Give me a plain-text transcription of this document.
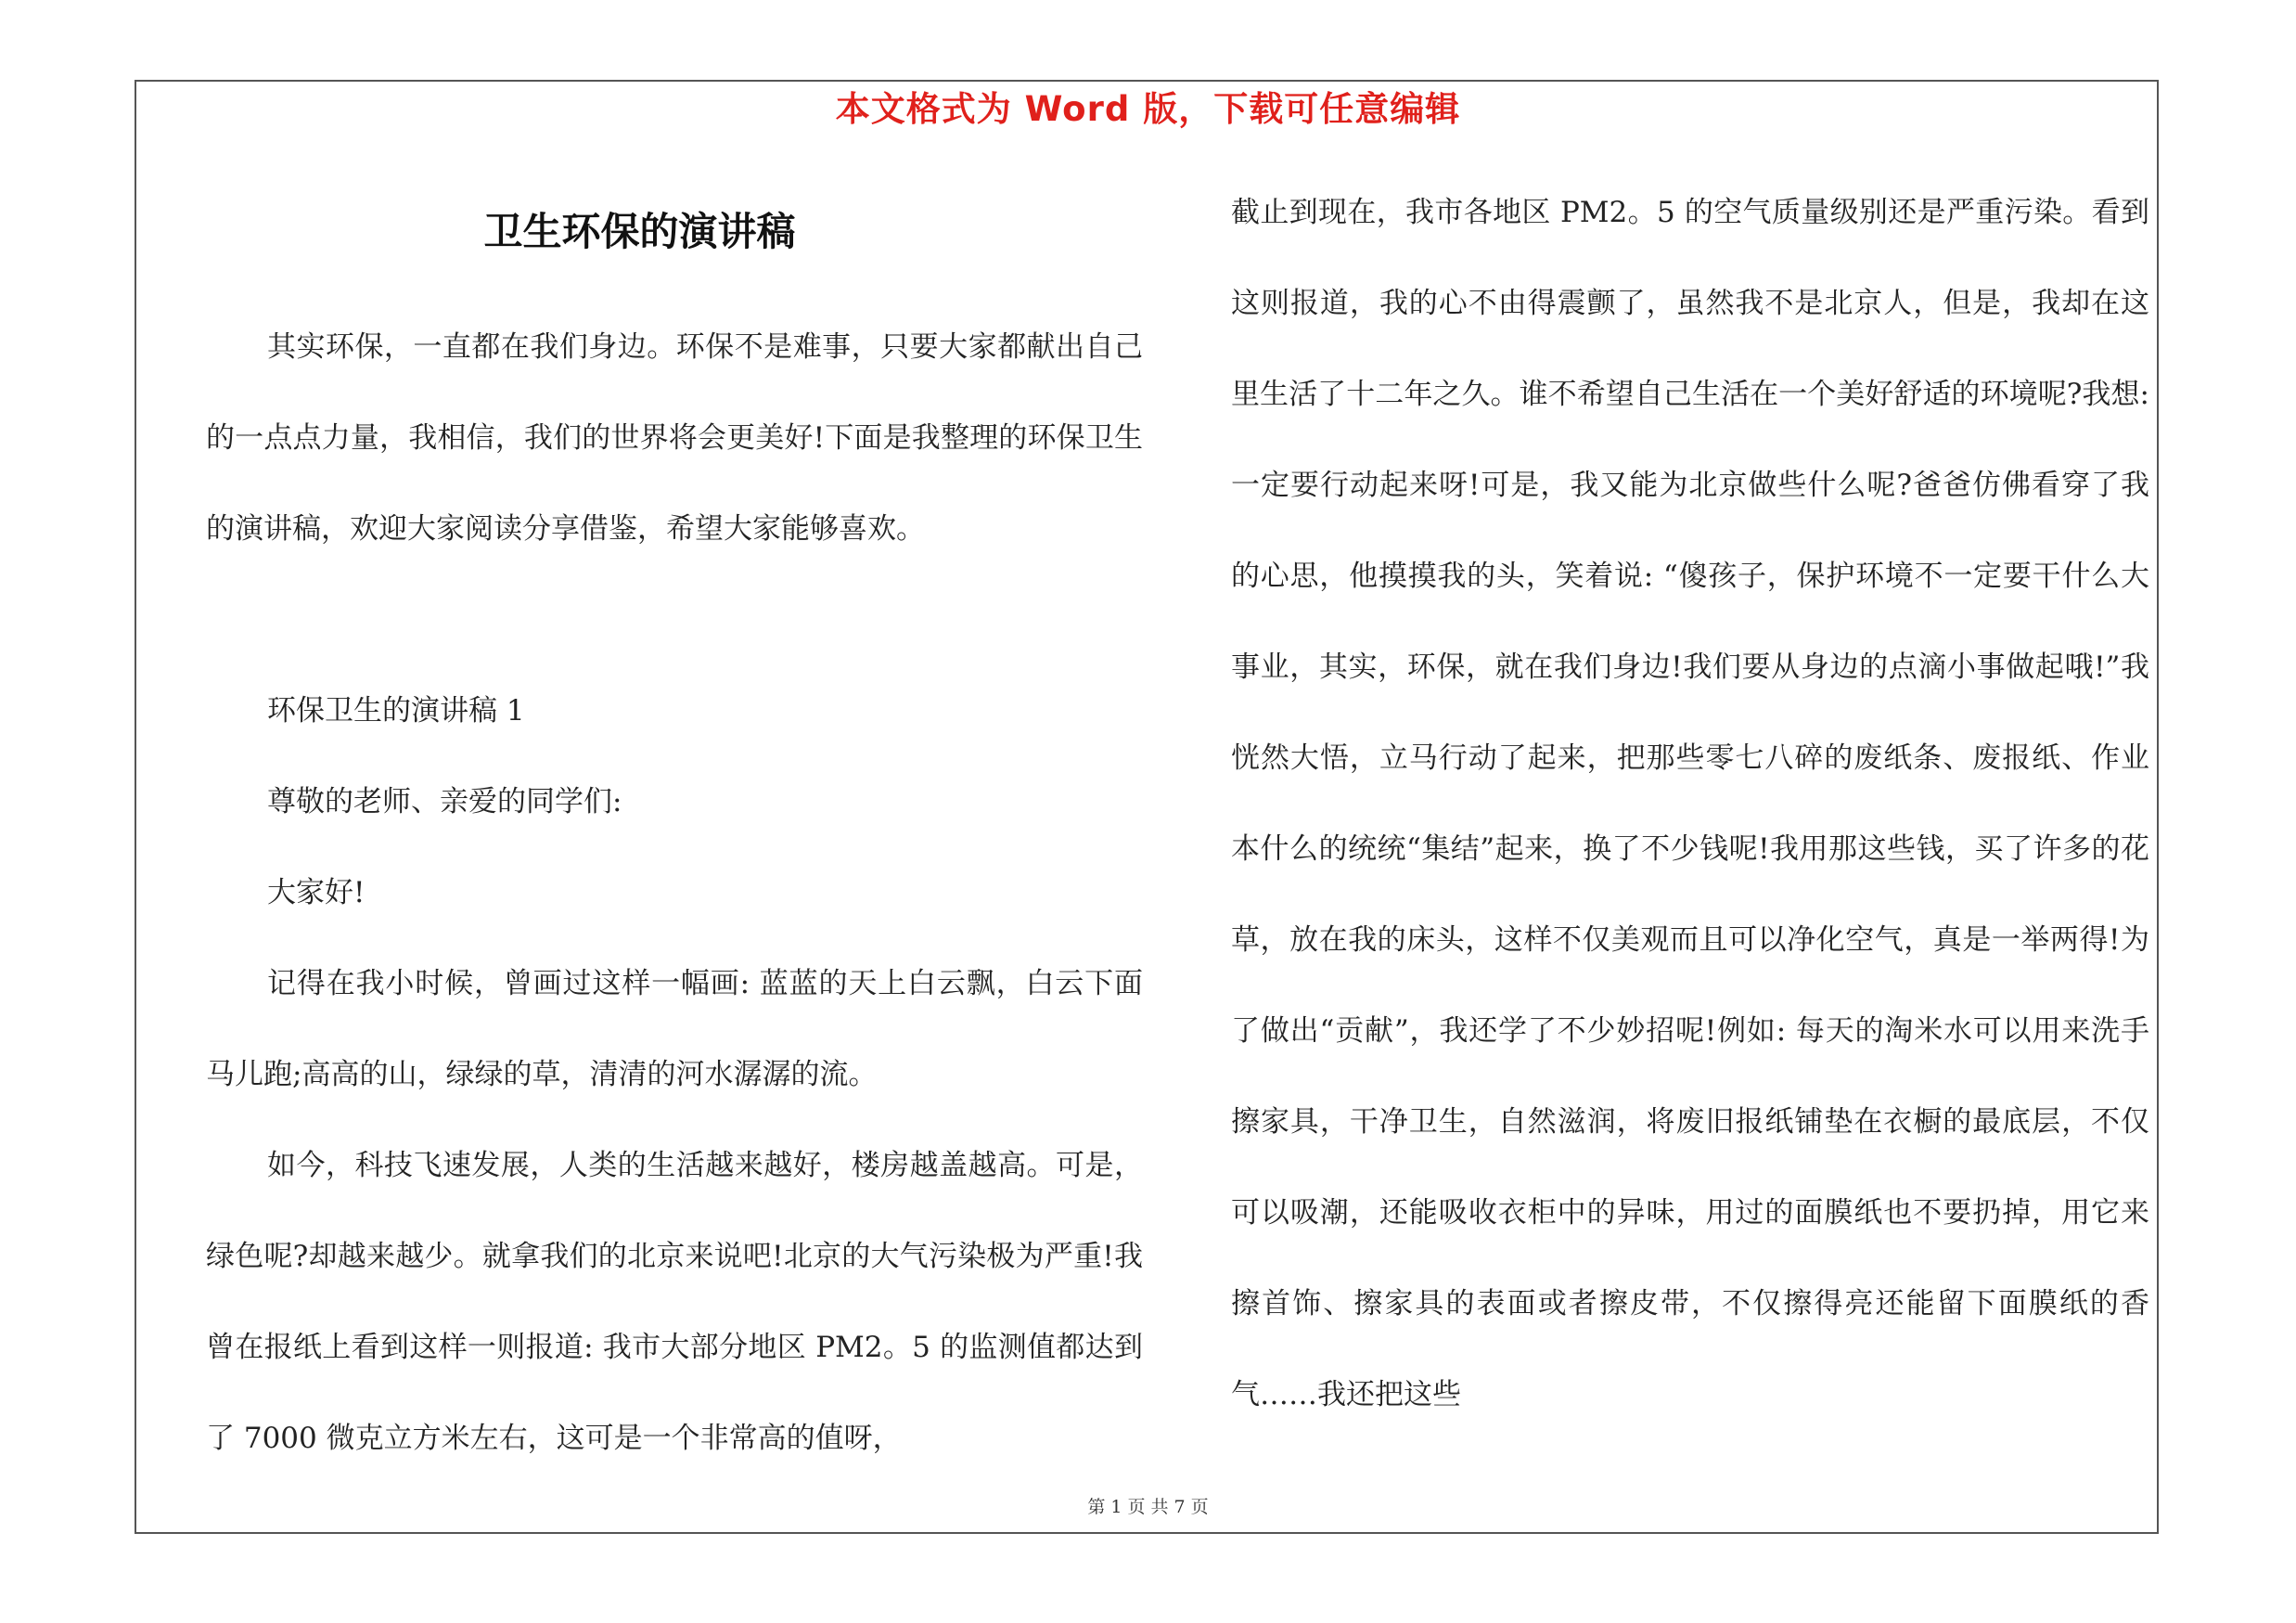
本文格式为 Word 版，下载可任意编辑
卫生环保的演讲稿

其实环保，一直都在我们身边。环保不是难事，只要大家都献出自己的一点点力量，我相信，我们的世界将会更美好!下面是我整理的环保卫生的演讲稿，欢迎大家阅读分享借鉴，希望大家能够喜欢。

环保卫生的演讲稿 1

尊敬的老师、亲爱的同学们:

大家好!

记得在我小时候，曾画过这样一幅画: 蓝蓝的天上白云飘，白云下面马儿跑;高高的山，绿绿的草，清清的河水潺潺的流。

如今，科技飞速发展，人类的生活越来越好，楼房越盖越高。可是，绿色呢?却越来越少。就拿我们的北京来说吧!北京的大气污染极为严重!我曾在报纸上看到这样一则报道: 我市大部分地区 PM2。5 的监测值都达到了 7000 微克立方米左右，这可是一个非常高的值呀，

截止到现在，我市各地区 PM2。5 的空气质量级别还是严重污染。看到这则报道，我的心不由得震颤了，虽然我不是北京人，但是，我却在这里生活了十二年之久。谁不希望自己生活在一个美好舒适的环境呢?我想: 一定要行动起来呀!可是，我又能为北京做些什么呢?爸爸仿佛看穿了我的心思，他摸摸我的头，笑着说: “傻孩子，保护环境不一定要干什么大事业，其实，环保，就在我们身边!我们要从身边的点滴小事做起哦!”我恍然大悟，立马行动了起来，把那些零七八碎的废纸条、废报纸、作业本什么的统统“集结”起来，换了不少钱呢!我用那这些钱，买了许多的花草，放在我的床头，这样不仅美观而且可以净化空气，真是一举两得!为了做出“贡献”，我还学了不少妙招呢!例如: 每天的淘米水可以用来洗手擦家具，干净卫生，自然滋润，将废旧报纸铺垫在衣橱的最底层，不仅可以吸潮，还能吸收衣柜中的异味，用过的面膜纸也不要扔掉，用它来擦首饰、擦家具的表面或者擦皮带，不仅擦得亮还能留下面膜纸的香气……我还把这些

第 1 页 共 7 页
